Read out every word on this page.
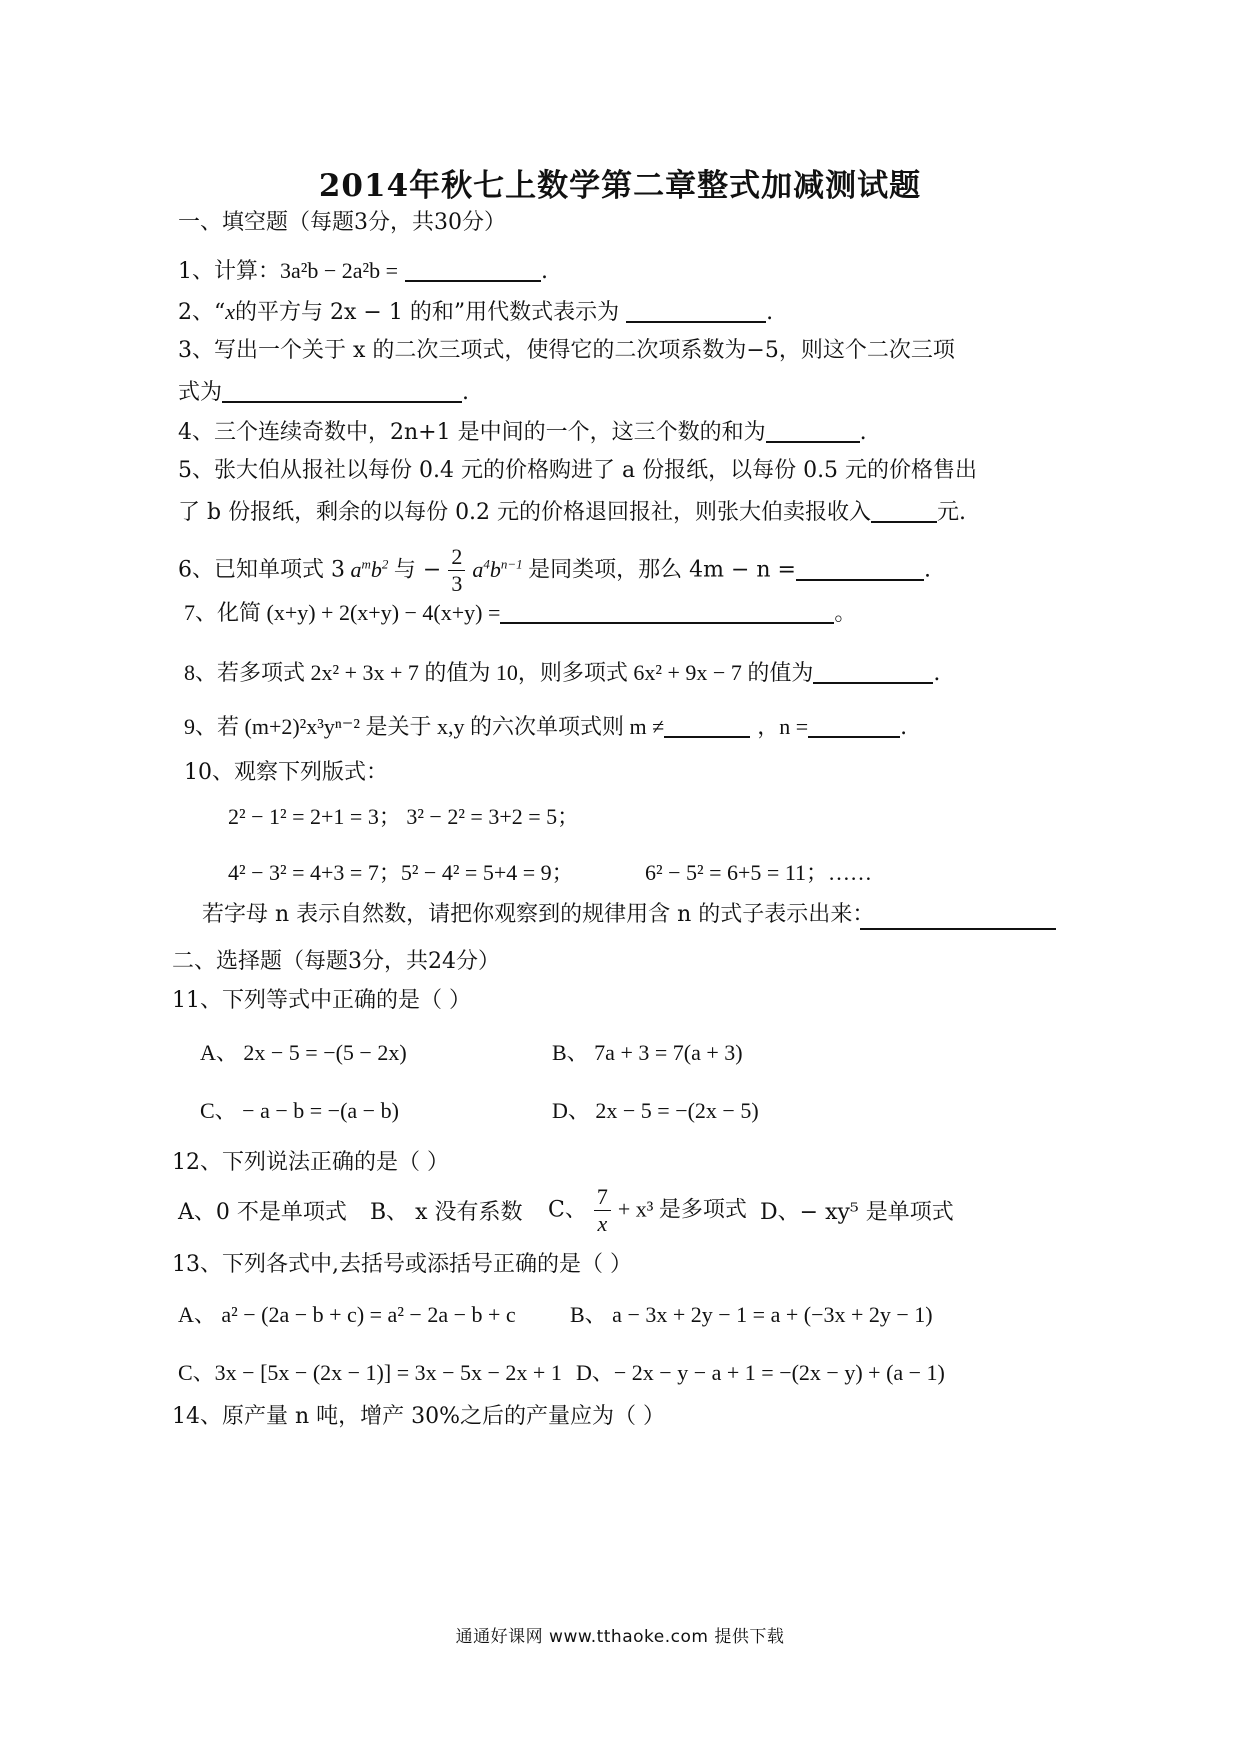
2014年秋七上数学第二章整式加减测试题
一、填空题（每题3分，共30分）
1、计算：3a²b − 2a²b =	.
2、“x的平方与 2x − 1 的和”用代数式表示为	.
3、写出一个关于 x 的二次三项式，使得它的二次项系数为−5，则这个二次三项
式为	.
4、三个连续奇数中，2n+1 是中间的一个，这三个数的和为	.
5、张大伯从报社以每份 0.4 元的价格购进了 a 份报纸，以每份 0.5 元的价格售出
了 b 份报纸，剩余的以每份 0.2 元的价格退回报社，则张大伯卖报收入	元.
6、已知单项式 3 $a^mb^2$ 与 − $\frac{2}{3} a^4b^{n-1}$ 是同类项，那么 4m − n =	.
7、化简 (x+y) + 2(x+y) − 4(x+y) =	。
8、若多项式 2x² + 3x + 7 的值为 10，则多项式 6x² + 9x − 7 的值为	.
9、若 (m+2)²x³yⁿ⁻² 是关于 x,y 的六次单项式则 m ≠	，n =	.
10、观察下列版式：
2² − 1² = 2+1 = 3； 3² − 2² = 3+2 = 5；
4² − 3² = 4+3 = 7；5² − 4² = 5+4 = 9；	6² − 5² = 6+5 = 11；……
若字母 n 表示自然数，请把你观察到的规律用含 n 的式子表示出来：
二、选择题（每题3分，共24分）
11、下列等式中正确的是（ ）
A、 2x − 5 = −(5 − 2x)	B、 7a + 3 = 7(a + 3)
C、 − a − b = −(a − b)	D、 2x − 5 = −(2x − 5)
12、下列说法正确的是（ ）
A、0 不是单项式 B、 x 没有系数 C、 $\frac{7}{x} + x^3$ 是多项式 D、− xy⁵ 是单项式
13、下列各式中,去括号或添括号正确的是（ ）
A、 a² − (2a − b + c) = a² − 2a − b + c B、 a − 3x + 2y − 1 = a + (−3x + 2y − 1)
C、3x − [5x − (2x − 1)] = 3x − 5x − 2x + 1 D、− 2x − y − a + 1 = −(2x − y) + (a − 1)
14、原产量 n 吨，增产 30%之后的产量应为（ ）
通通好课网 www.tthaoke.com 提供下载
